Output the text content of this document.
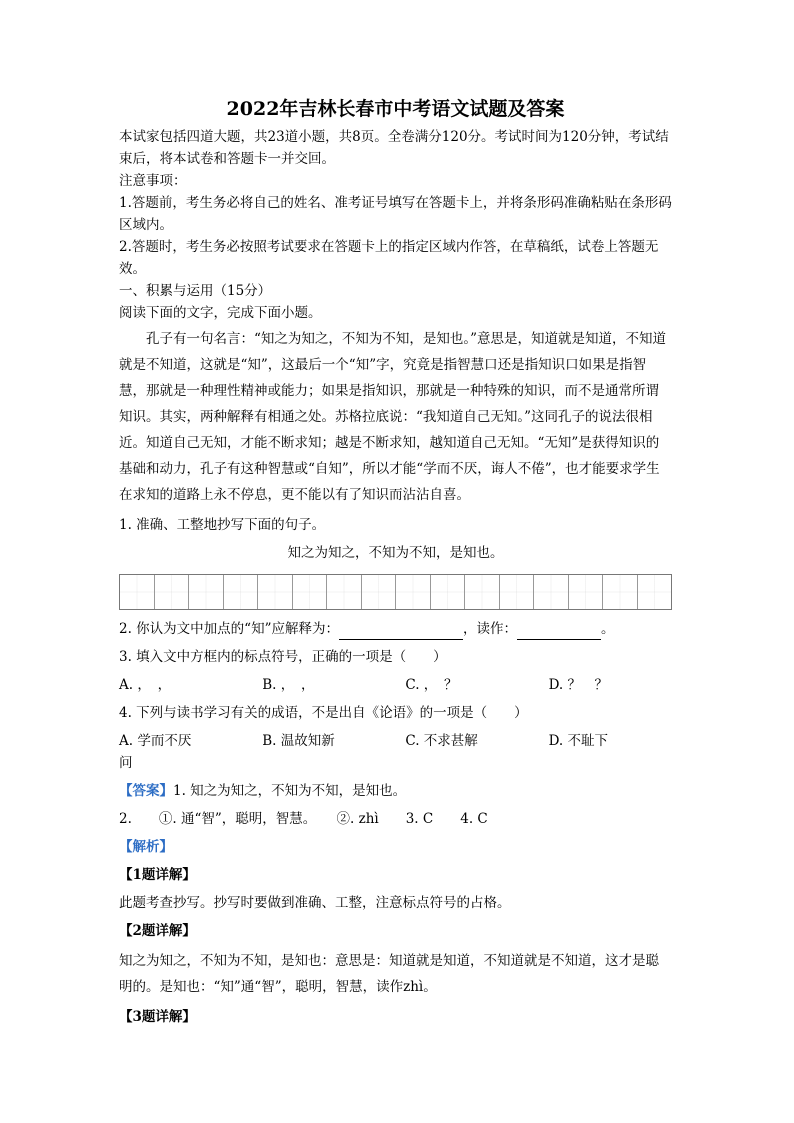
2022年吉林长春市中考语文试题及答案

本试家包括四道大题，共23道小题，共8页。全卷满分120分。考试时间为120分钟，考试结束后，将本试卷和答题卡一并交回。

注意事项：

1.答题前，考生务必将自己的姓名、准考证号填写在答题卡上，并将条形码准确粘贴在条形码区域内。

2.答题时，考生务必按照考试要求在答题卡上的指定区域内作答，在草稿纸，试卷上答题无效。

一、积累与运用（15分）

阅读下面的文字，完成下面小题。

孔子有一句名言：“知之为知之，不知为不知，是知也。”意思是，知道就是知道，不知道就是不知道，这就是“知”，这最后一个“知”字，究竟是指智慧口还是指知识口如果是指智慧，那就是一种理性精神或能力；如果是指知识，那就是一种特殊的知识，而不是通常所谓知识。其实，两种解释有相通之处。苏格拉底说：“我知道自己无知。”这同孔子的说法很相近。知道自己无知，才能不断求知；越是不断求知，越知道自己无知。“无知”是获得知识的基础和动力，孔子有这种智慧或“自知”，所以才能“学而不厌，诲人不倦”，也才能要求学生在求知的道路上永不停息，更不能以有了知识而沾沾自喜。

1. 准确、工整地抄写下面的句子。

知之为知之，不知为不知，是知也。

2. 你认为文中加点的“知”应解释为：	，读作：	。

3. 填入文中方框内的标点符号，正确的一项是（　　）

A. ，　，	B. ，　，	C. ，　？	D. ？　？

4. 下列与读书学习有关的成语，不是出自《论语》的一项是（　　）

A. 学而不厌	B. 温故知新	C. 不求甚解	D. 不耻下

问

【答案】1. 知之为知之，不知为不知，是知也。

2.　　①. 通“智”，聪明，智慧。　　②. zhì　　3. C　　4. C

【解析】

【1题详解】

此题考查抄写。抄写时要做到准确、工整，注意标点符号的占格。

【2题详解】

知之为知之，不知为不知，是知也：意思是：知道就是知道，不知道就是不知道，这才是聪明的。是知也：“知”通“智”，聪明，智慧，读作zhì。

【3题详解】
